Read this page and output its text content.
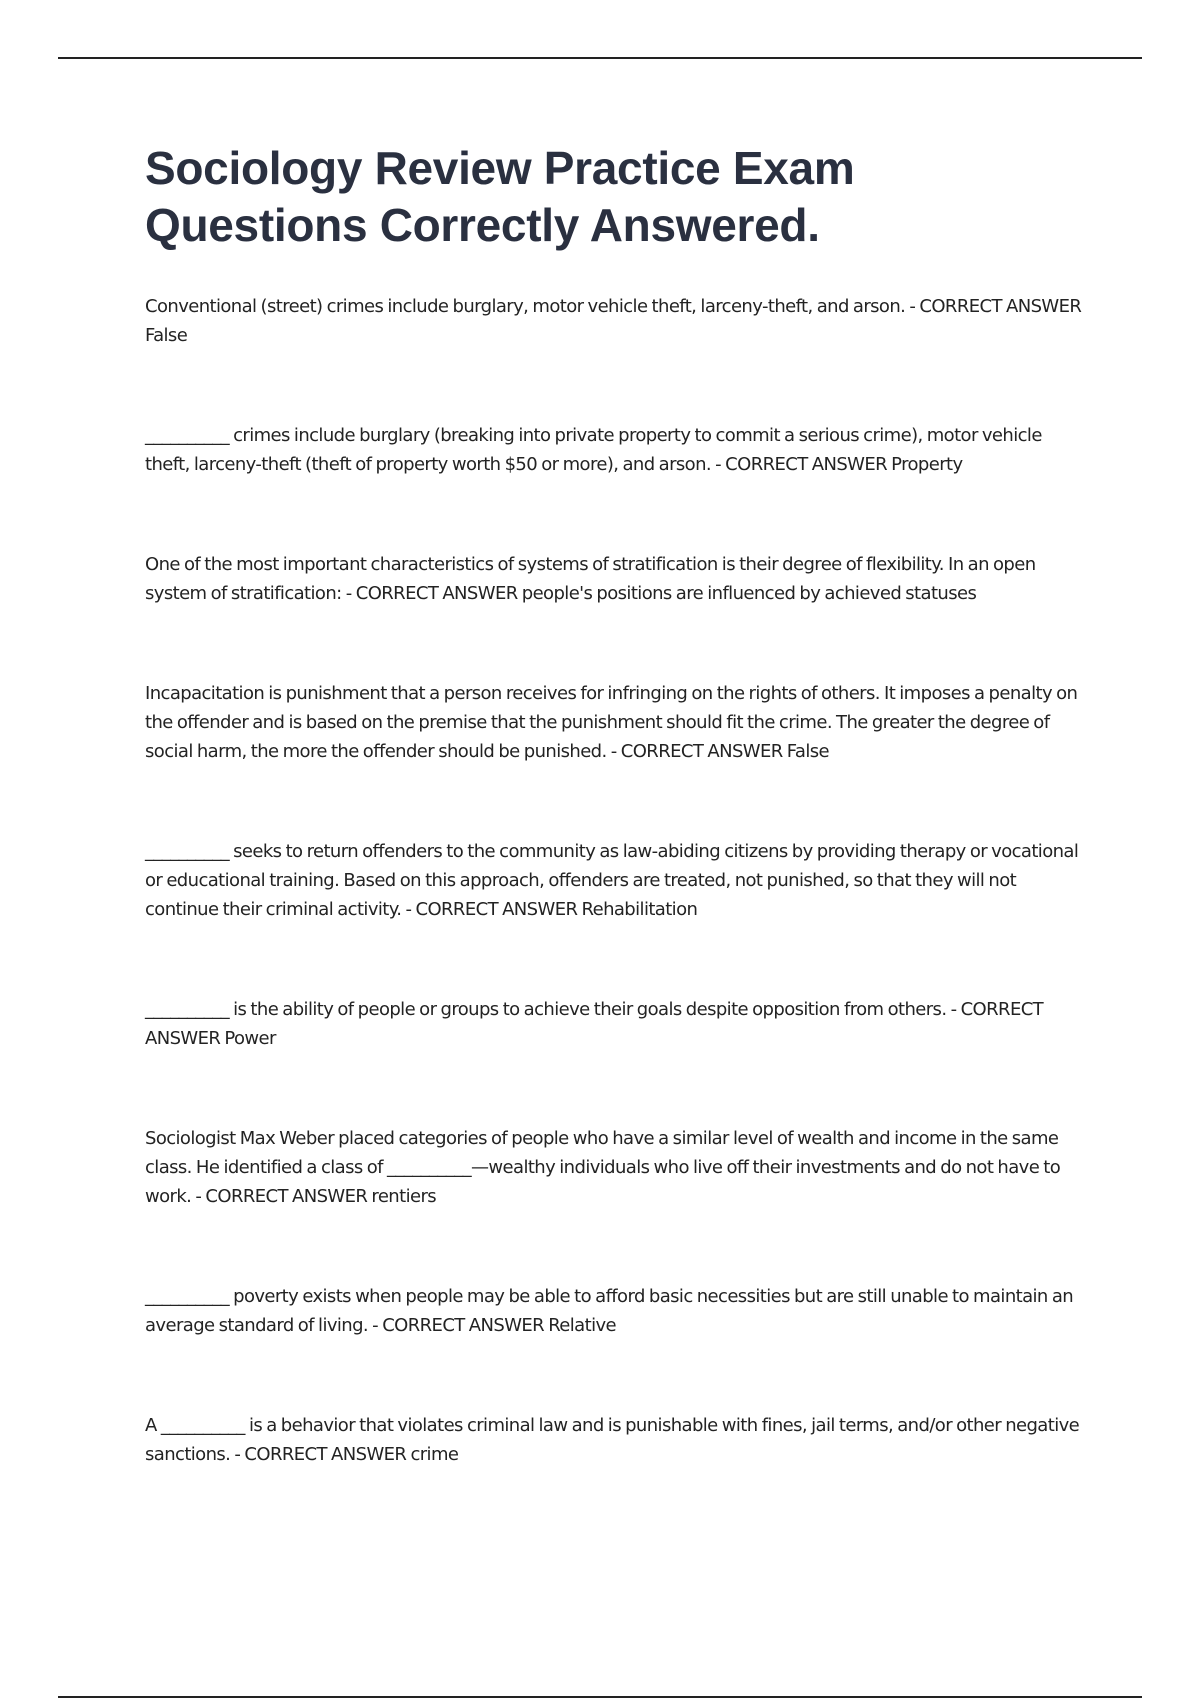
Sociology Review Practice Exam Questions Correctly Answered.

Conventional (street) crimes include burglary, motor vehicle theft, larceny-theft, and arson. - CORRECT ANSWER False

__________ crimes include burglary (breaking into private property to commit a serious crime), motor vehicle theft, larceny-theft (theft of property worth $50 or more), and arson. - CORRECT ANSWER Property

One of the most important characteristics of systems of stratification is their degree of flexibility. In an open system of stratification: - CORRECT ANSWER people's positions are influenced by achieved statuses

Incapacitation is punishment that a person receives for infringing on the rights of others. It imposes a penalty on the offender and is based on the premise that the punishment should fit the crime. The greater the degree of social harm, the more the offender should be punished. - CORRECT ANSWER False

__________ seeks to return offenders to the community as law-abiding citizens by providing therapy or vocational or educational training. Based on this approach, offenders are treated, not punished, so that they will not continue their criminal activity. - CORRECT ANSWER Rehabilitation

__________ is the ability of people or groups to achieve their goals despite opposition from others. - CORRECT ANSWER Power

Sociologist Max Weber placed categories of people who have a similar level of wealth and income in the same class. He identified a class of __________—wealthy individuals who live off their investments and do not have to work. - CORRECT ANSWER rentiers

__________ poverty exists when people may be able to afford basic necessities but are still unable to maintain an average standard of living. - CORRECT ANSWER Relative

A __________ is a behavior that violates criminal law and is punishable with fines, jail terms, and/or other negative sanctions. - CORRECT ANSWER crime
